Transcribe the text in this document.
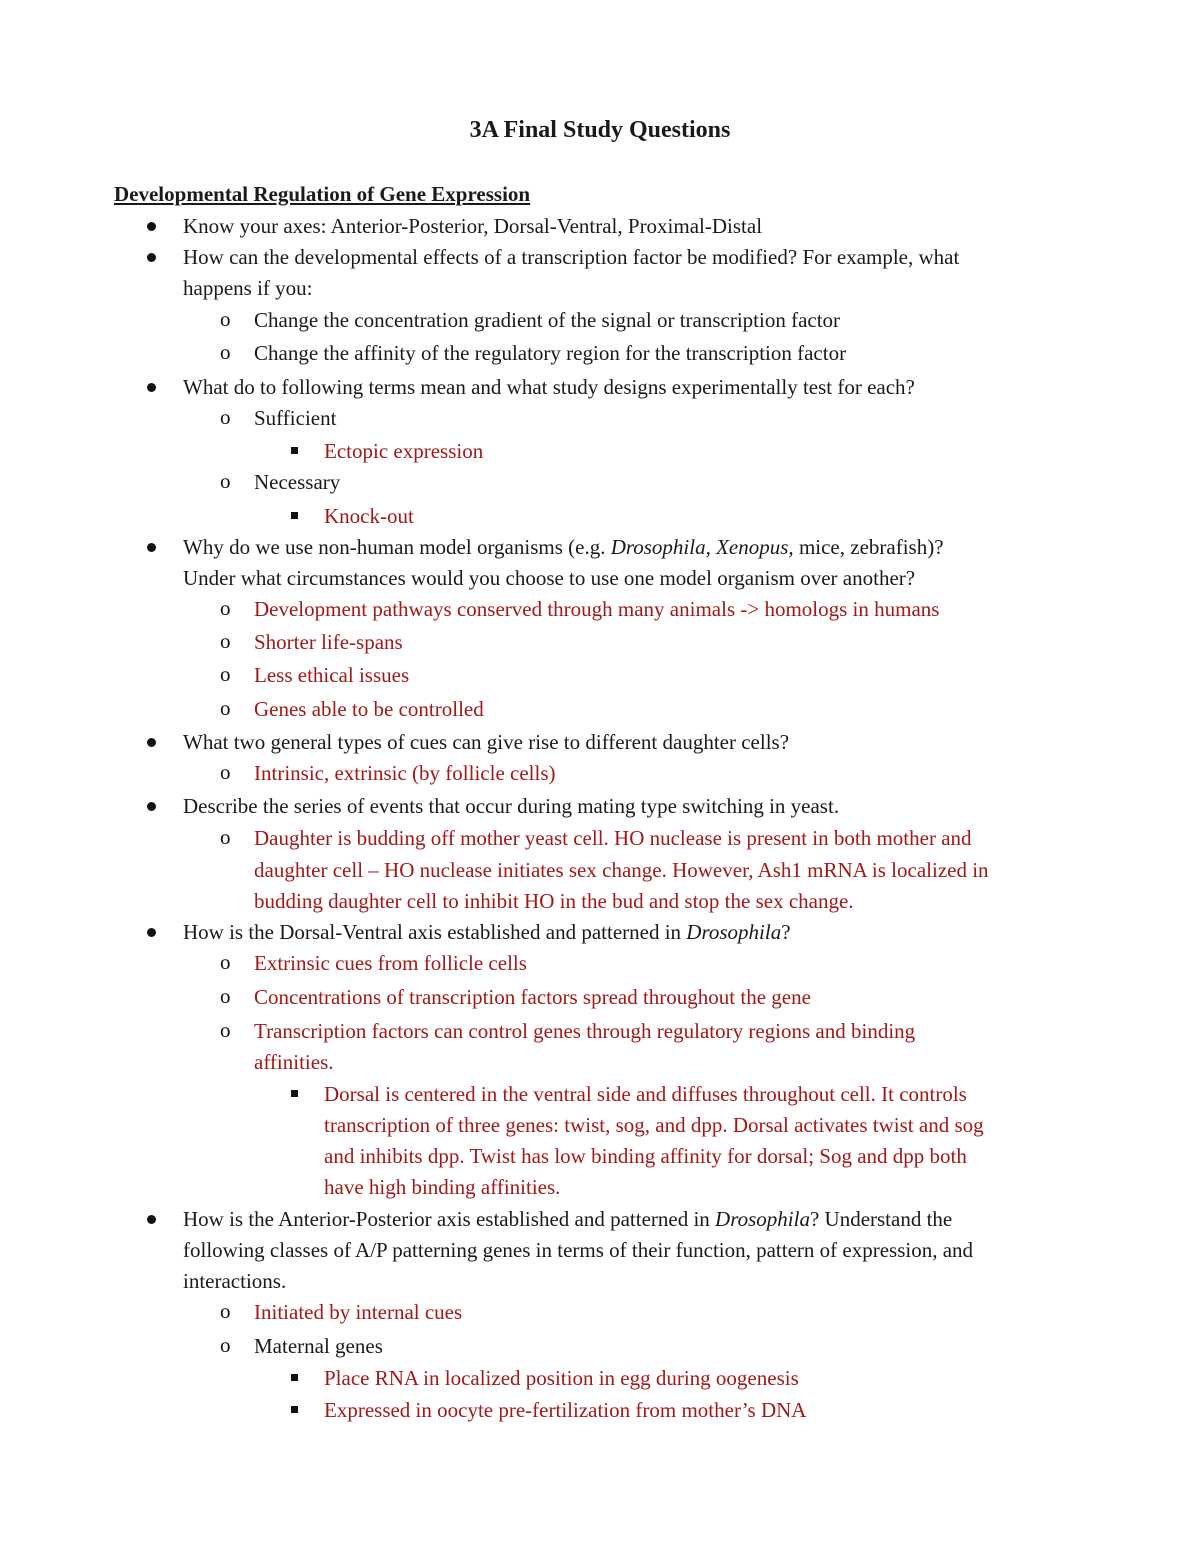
3A Final Study Questions
Developmental Regulation of Gene Expression
Know your axes: Anterior-Posterior, Dorsal-Ventral, Proximal-Distal
How can the developmental effects of a transcription factor be modified? For example, what
happens if you:
o Change the concentration gradient of the signal or transcription factor
o Change the affinity of the regulatory region for the transcription factor
What do to following terms mean and what study designs experimentally test for each?
o Sufficient
Ectopic expression
o Necessary
Knock-out
Why do we use non-human model organisms (e.g. Drosophila, Xenopus, mice, zebrafish)?
Under what circumstances would you choose to use one model organism over another?
o Development pathways conserved through many animals -> homologs in humans
o Shorter life-spans
o Less ethical issues
o Genes able to be controlled
What two general types of cues can give rise to different daughter cells?
o Intrinsic, extrinsic (by follicle cells)
Describe the series of events that occur during mating type switching in yeast.
o Daughter is budding off mother yeast cell. HO nuclease is present in both mother and
daughter cell – HO nuclease initiates sex change. However, Ash1 mRNA is localized in
budding daughter cell to inhibit HO in the bud and stop the sex change.
How is the Dorsal-Ventral axis established and patterned in Drosophila?
o Extrinsic cues from follicle cells
o Concentrations of transcription factors spread throughout the gene
o Transcription factors can control genes through regulatory regions and binding
affinities.
Dorsal is centered in the ventral side and diffuses throughout cell. It controls
transcription of three genes: twist, sog, and dpp. Dorsal activates twist and sog
and inhibits dpp. Twist has low binding affinity for dorsal; Sog and dpp both
have high binding affinities.
How is the Anterior-Posterior axis established and patterned in Drosophila? Understand the
following classes of A/P patterning genes in terms of their function, pattern of expression, and
interactions.
o Initiated by internal cues
o Maternal genes
Place RNA in localized position in egg during oogenesis
Expressed in oocyte pre-fertilization from mother’s DNA
